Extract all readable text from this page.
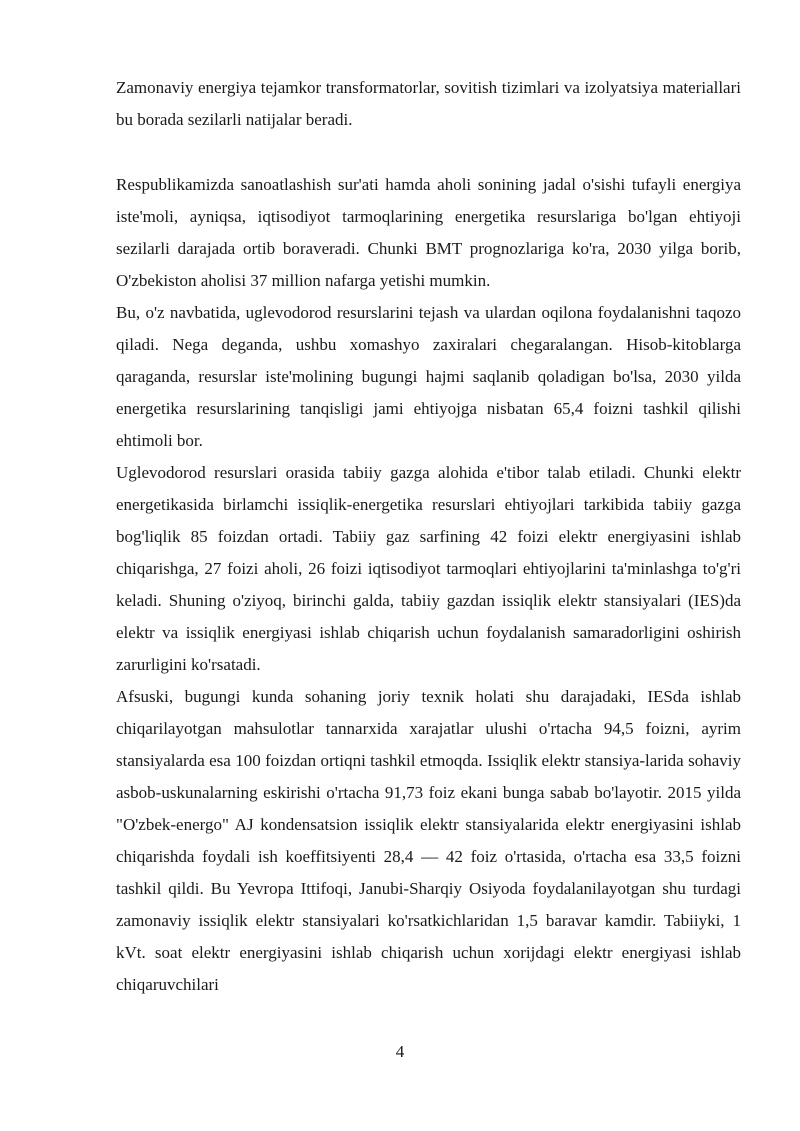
Zamonaviy energiya tejamkor transformatorlar, sovitish tizimlari va izolyatsiya materiallari bu borada sezilarli natijalar beradi.

Respublikamizda sanoatlashish sur'ati hamda aholi sonining jadal o'sishi tufayli energiya iste'moli, ayniqsa, iqtisodiyot tarmoqlarining energetika resurslariga bo'lgan ehtiyoji sezilarli darajada ortib boraveradi. Chunki BMT prognozlariga ko'ra, 2030 yilga borib, O'zbekiston aholisi 37 million nafarga yetishi mumkin.

Bu, o'z navbatida, uglevodorod resurslarini tejash va ulardan oqilona foydalanishni taqozo qiladi. Nega deganda, ushbu xomashyo zaxiralari chegaralangan. Hisob-kitoblarga qaraganda, resurslar iste'molining bugungi hajmi saqlanib qoladigan bo'lsa, 2030 yilda energetika resurslarining tanqisligi jami ehtiyojga nisbatan 65,4 foizni tashkil qilishi ehtimoli bor.

Uglevodorod resurslari orasida tabiiy gazga alohida e'tibor talab etiladi. Chunki elektr energetikasida birlamchi issiqlik-energetika resurslari ehtiyojlari tarkibida tabiiy gazga bog'liqlik 85 foizdan ortadi. Tabiiy gaz sarfining 42 foizi elektr energiyasini ishlab chiqarishga, 27 foizi aholi, 26 foizi iqtisodiyot tarmoqlari ehtiyojlarini ta'minlashga to'g'ri keladi. Shuning o'ziyoq, birinchi galda, tabiiy gazdan issiqlik elektr stansiyalari (IES)da elektr va issiqlik energiyasi ishlab chiqarish uchun foydalanish samaradorligini oshirish zarurligini ko'rsatadi.

Afsuski, bugungi kunda sohaning joriy texnik holati shu darajadaki, IESda ishlab chiqarilayotgan mahsulotlar tannarxida xarajatlar ulushi o'rtacha 94,5 foizni, ayrim stansiyalarda esa 100 foizdan ortiqni tashkil etmoqda. Issiqlik elektr stansiya-larida sohaviy asbob-uskunalarning eskirishi o'rtacha 91,73 foiz ekani bunga sabab bo'layotir. 2015 yilda "O'zbek-energo" AJ kondensatsion issiqlik elektr stansiyalarida elektr energiyasini ishlab chiqarishda foydali ish koeffitsiyenti 28,4 — 42 foiz o'rtasida, o'rtacha esa 33,5 foizni tashkil qildi. Bu Yevropa Ittifoqi, Janubi-Sharqiy Osiyoda foydalanilayotgan shu turdagi zamonaviy issiqlik elektr stansiyalari ko'rsatkichlaridan 1,5 baravar kamdir. Tabiiyki, 1 kVt. soat elektr energiyasini ishlab chiqarish uchun xorijdagi elektr energiyasi ishlab chiqaruvchilari

4
